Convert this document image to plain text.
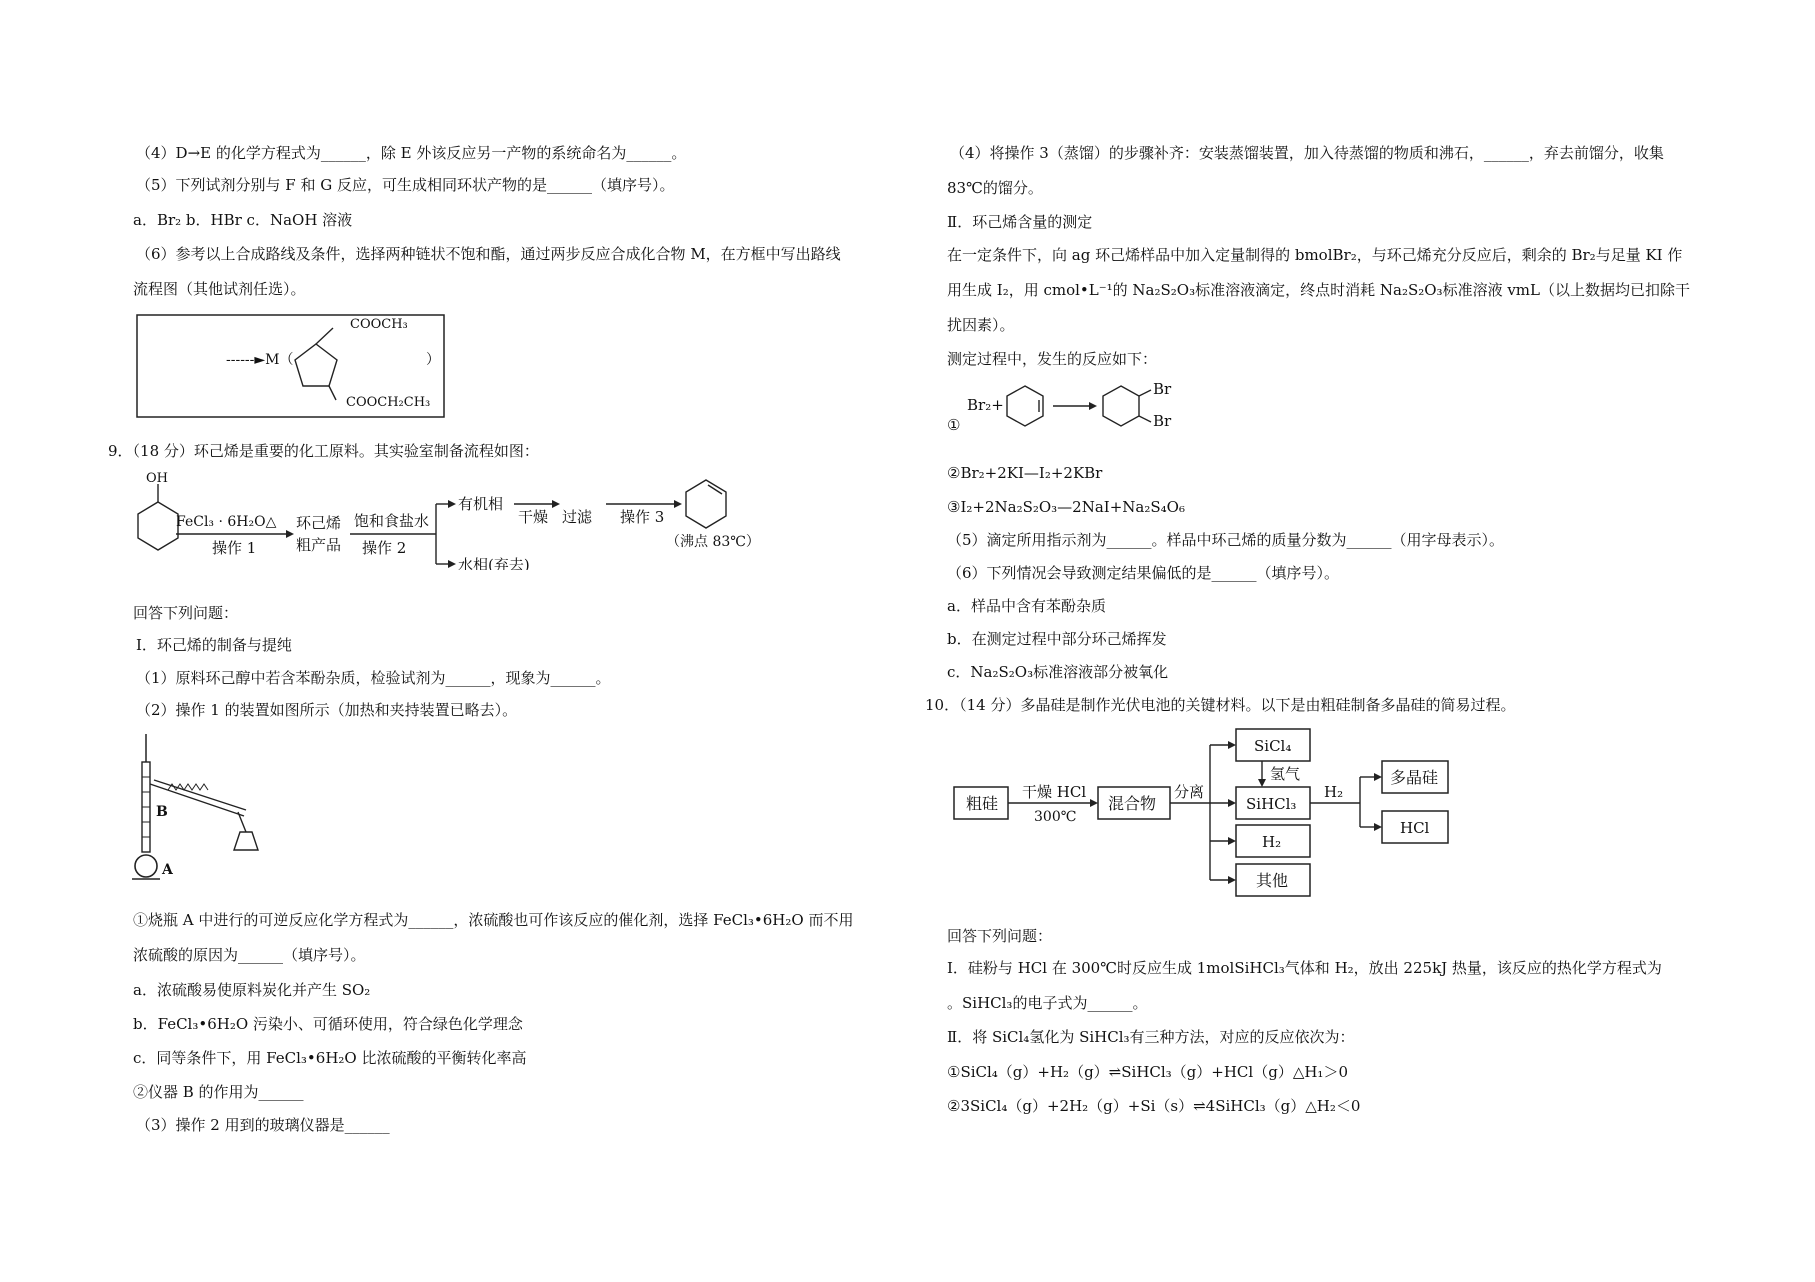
（4）D→E 的化学方程式为______，除 E 外该反应另一产物的系统命名为______。
（5）下列试剂分别与 F 和 G 反应，可生成相同环状产物的是______（填序号）。
a．Br₂ b．HBr c．NaOH 溶液
（6）参考以上合成路线及条件，选择两种链状不饱和酯，通过两步反应合成化合物 M，在方框中写出路线
流程图（其他试剂任选）。
------►M（	）
COOCH₃
COOCH₂CH₃
9．（18 分）环己烯是重要的化工原料。其实验室制备流程如图：
OH
FeCl₃ · 6H₂O△
操作 1
环己烯
粗产品
饱和食盐水
操作 2
有机相
干燥 过滤 操作 3
（沸点 83℃）
水相(弃去)
回答下列问题：
Ⅰ．环己烯的制备与提纯
（1）原料环己醇中若含苯酚杂质，检验试剂为______，现象为______。
（2）操作 1 的装置如图所示（加热和夹持装置已略去）。
B
A
①烧瓶 A 中进行的可逆反应化学方程式为______，浓硫酸也可作该反应的催化剂，选择 FeCl₃•6H₂O 而不用
浓硫酸的原因为______（填序号）。
a．浓硫酸易使原料炭化并产生 SO₂
b．FeCl₃•6H₂O 污染小、可循环使用，符合绿色化学理念
c．同等条件下，用 FeCl₃•6H₂O 比浓硫酸的平衡转化率高
②仪器 B 的作用为______
（3）操作 2 用到的玻璃仪器是______
（4）将操作 3（蒸馏）的步骤补齐：安装蒸馏装置，加入待蒸馏的物质和沸石，______，弃去前馏分，收集
83℃的馏分。
Ⅱ．环己烯含量的测定
在一定条件下，向 ag 环己烯样品中加入定量制得的 bmolBr₂，与环己烯充分反应后，剩余的 Br₂与足量 KI 作
用生成 I₂，用 cmol•L⁻¹的 Na₂S₂O₃标准溶液滴定，终点时消耗 Na₂S₂O₃标准溶液 vmL（以上数据均已扣除干
扰因素）。
测定过程中，发生的反应如下：
①
Br₂+
Br
Br
②Br₂+2KI—I₂+2KBr
③I₂+2Na₂S₂O₃—2NaI+Na₂S₄O₆
（5）滴定所用指示剂为______。样品中环己烯的质量分数为______（用字母表示）。
（6）下列情况会导致测定结果偏低的是______（填序号）。
a．样品中含有苯酚杂质
b．在测定过程中部分环己烯挥发
c．Na₂S₂O₃标准溶液部分被氧化
10．（14 分）多晶硅是制作光伏电池的关键材料。以下是由粗硅制备多晶硅的简易过程。
粗硅
干燥 HCl
300℃
混合物
分离
SiCl₄
氢气
SiHCl₃
H₂
其他
H₂
多晶硅
HCl
回答下列问题：
Ⅰ．硅粉与 HCl 在 300℃时反应生成 1molSiHCl₃气体和 H₂，放出 225kJ 热量，该反应的热化学方程式为
。SiHCl₃的电子式为______。
Ⅱ．将 SiCl₄氢化为 SiHCl₃有三种方法，对应的反应依次为：
①SiCl₄（g）+H₂（g）⇌SiHCl₃（g）+HCl（g）△H₁＞0
②3SiCl₄（g）+2H₂（g）+Si（s）⇌4SiHCl₃（g）△H₂＜0
